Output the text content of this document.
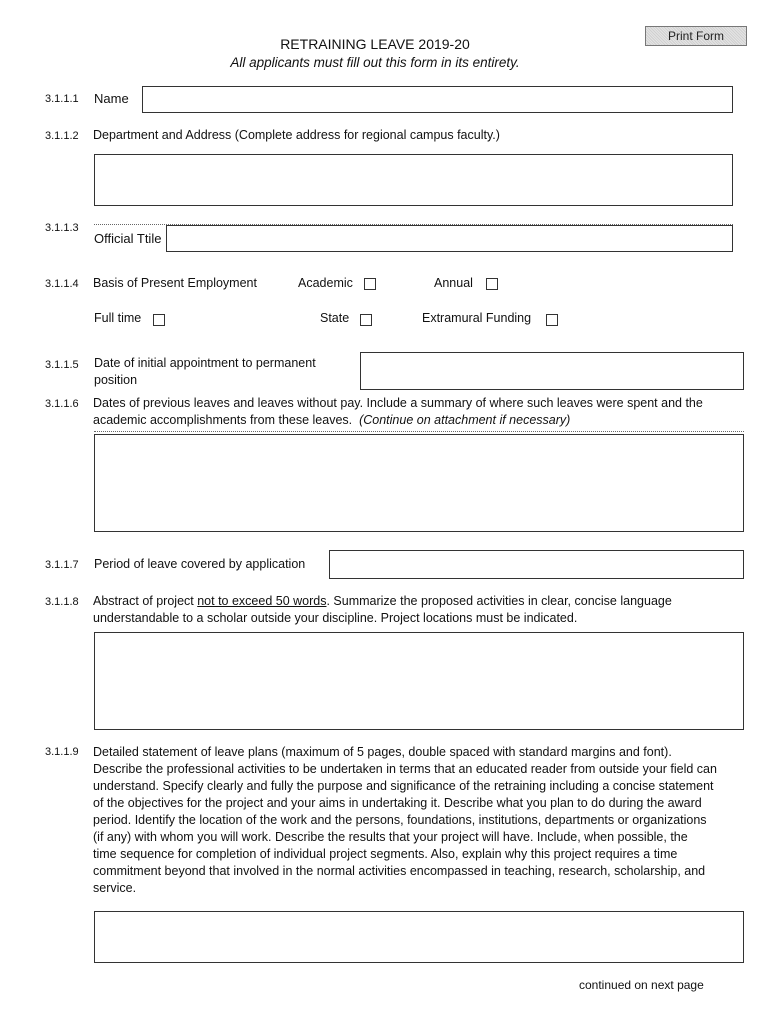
Print Form
RETRAINING LEAVE 2019-20
All applicants must fill out this form in its entirety.
3.1.1.1 Name
3.1.1.2 Department and Address (Complete address for regional campus faculty.)
3.1.1.3
Official Ttile
3.1.1.4 Basis of Present Employment	Academic	Annual
Full time	State	Extramural Funding
3.1.1.5 Date of initial appointment to permanent
position
3.1.1.6 Dates of previous leaves and leaves without pay. Include a summary of where such leaves were spent and the
academic accomplishments from these leaves. (Continue on attachment if necessary)
3.1.1.7 Period of leave covered by application
3.1.1.8 Abstract of project not to exceed 50 words. Summarize the proposed activities in clear, concise language
understandable to a scholar outside your discipline. Project locations must be indicated.
3.1.1.9 Detailed statement of leave plans (maximum of 5 pages, double spaced with standard margins and font).
Describe the professional activities to be undertaken in terms that an educated reader from outside your field can
understand. Specify clearly and fully the purpose and significance of the retraining including a concise statement
of the objectives for the project and your aims in undertaking it. Describe what you plan to do during the award
period. Identify the location of the work and the persons, foundations, institutions, departments or organizations
(if any) with whom you will work. Describe the results that your project will have. Include, when possible, the
time sequence for completion of individual project segments. Also, explain why this project requires a time
commitment beyond that involved in the normal activities encompassed in teaching, research, scholarship, and
service.
continued on next page
